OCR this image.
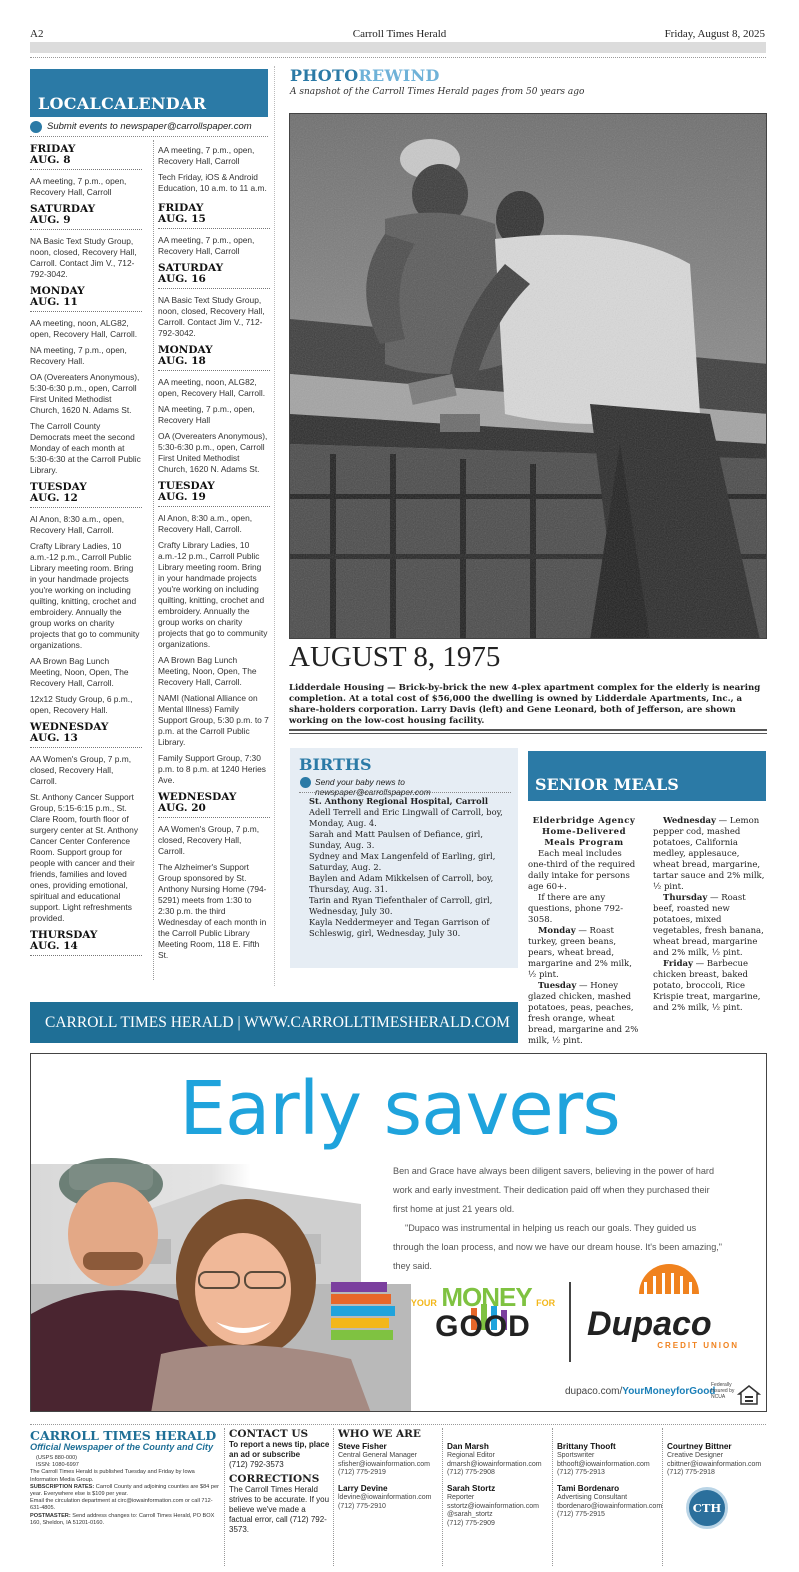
A2	Carroll Times Herald	Friday, August 8, 2025
LOCALCALENDAR
Submit events to newspaper@carrollspaper.com
FRIDAY
AUG. 8
AA meeting, 7 p.m., open, Recovery Hall, Carroll
SATURDAY
AUG. 9
NA Basic Text Study Group, noon, closed, Recovery Hall, Carroll. Contact Jim V., 712-792-3042.
MONDAY
AUG. 11
AA meeting, noon, ALG82, open, Recovery Hall, Carroll.
NA meeting, 7 p.m., open, Recovery Hall.
OA (Overeaters Anonymous), 5:30-6:30 p.m., open, Carroll First United Methodist Church, 1620 N. Adams St.
The Carroll County Democrats meet the second Monday of each month at 5:30-6:30 at the Carroll Public Library.
TUESDAY
AUG. 12
Al Anon, 8:30 a.m., open, Recovery Hall, Carroll.
Crafty Library Ladies, 10 a.m.-12 p.m., Carroll Public Library meeting room. Bring in your handmade projects you're working on including quilting, knitting, crochet and embroidery. Annually the group works on charity projects that go to community organizations.
AA Brown Bag Lunch Meeting, Noon, Open, The Recovery Hall, Carroll.
12x12 Study Group, 6 p.m., open, Recovery Hall.
WEDNESDAY
AUG. 13
AA Women's Group, 7 p.m, closed, Recovery Hall, Carroll.
St. Anthony Cancer Support Group, 5:15-6:15 p.m., St. Clare Room, fourth floor of surgery center at St. Anthony Cancer Center Conference Room. Support group for people with cancer and their friends, families and loved ones, providing emotional, spiritual and educational support. Light refreshments provided.
THURSDAY
AUG. 14
AA meeting, 7 p.m., open, Recovery Hall, Carroll
Tech Friday, iOS & Android Education, 10 a.m. to 11 a.m.
FRIDAY
AUG. 15
AA meeting, 7 p.m., open, Recovery Hall, Carroll
SATURDAY
AUG. 16
NA Basic Text Study Group, noon, closed, Recovery Hall, Carroll. Contact Jim V., 712-792-3042.
MONDAY
AUG. 18
AA meeting, noon, ALG82, open, Recovery Hall, Carroll.
NA meeting, 7 p.m., open, Recovery Hall
OA (Overeaters Anonymous), 5:30-6:30 p.m., open, Carroll First United Methodist Church, 1620 N. Adams St.
TUESDAY
AUG. 19
Al Anon, 8:30 a.m., open, Recovery Hall, Carroll.
Crafty Library Ladies, 10 a.m.-12 p.m., Carroll Public Library meeting room. Bring in your handmade projects you're working on including quilting, knitting, crochet and embroidery. Annually the group works on charity projects that go to community organizations.
AA Brown Bag Lunch Meeting, Noon, Open, The Recovery Hall, Carroll.
NAMI (National Alliance on Mental Illness) Family Support Group, 5:30 p.m. to 7 p.m. at the Carroll Public Library.
Family Support Group, 7:30 p.m. to 8 p.m. at 1240 Heries Ave.
WEDNESDAY
AUG. 20
AA Women's Group, 7 p.m, closed, Recovery Hall, Carroll.
The Alzheimer's Support Group sponsored by St. Anthony Nursing Home (794-5291) meets from 1:30 to 2:30 p.m. the third Wednesday of each month in the Carroll Public Library Meeting Room, 118 E. Fifth St.
PHOTOREWIND
A snapshot of the Carroll Times Herald pages from 50 years ago
AUGUST 8, 1975
Lidderdale Housing — Brick-by-brick the new 4-plex apartment complex for the elderly is nearing completion. At a total cost of $56,000 the dwelling is owned by Lidderdale Apartments, Inc., a share-holders corporation. Larry Davis (left) and Gene Leonard, both of Jefferson, are shown working on the low-cost housing facility.
BIRTHS
Send your baby news to newspaper@carrollspaper.com
St. Anthony Regional Hospital, Carroll
Adell Terrell and Eric Lingwall of Carroll, boy, Monday, Aug. 4.
Sarah and Matt Paulsen of Defiance, girl, Sunday, Aug. 3.
Sydney and Max Langenfeld of Earling, girl, Saturday, Aug. 2.
Baylen and Adam Mikkelsen of Carroll, boy, Thursday, Aug. 31.
Tarin and Ryan Tiefenthaler of Carroll, girl, Wednesday, July 30.
Kayla Neddermeyer and Tegan Garrison of Schleswig, girl, Wednesday, July 30.
SENIOR MEALS
Elderbridge Agency Home-Delivered Meals Program

Each meal includes one-third of the required daily intake for persons age 60+.

If there are any questions, phone 792-3058.

Monday — Roast turkey, green beans, pears, wheat bread, margarine and 2% milk, ½ pint.

Tuesday — Honey glazed chicken, mashed potatoes, peas, peaches, fresh orange, wheat bread, margarine and 2% milk, ½ pint.

Wednesday — Lemon pepper cod, mashed potatoes, California medley, applesauce, wheat bread, margarine, tartar sauce and 2% milk, ½ pint.

Thursday — Roast beef, roasted new potatoes, mixed vegetables, fresh banana, wheat bread, margarine and 2% milk, ½ pint.

Friday — Barbecue chicken breast, baked potato, broccoli, Rice Krispie treat, margarine, and 2% milk, ½ pint.

CARROLL TIMES HERALD | WWW.CARROLLTIMESHERALD.COM
Early savers

Ben and Grace have always been diligent savers, believing in the power of hard work and early investment. Their dedication paid off when they purchased their first home at just 21 years old.

"Dupaco was instrumental in helping us reach our goals. They guided us through the loan process, and now we have our dream house. It's been amazing," they said.

YOUR MONEY FOR
GOOD	Dupaco
CREDIT UNION
dupaco.com/YourMoneyforGood
Federally Insured by NCUA
CARROLL TIMES HERALD
Official Newspaper of the County and City
(USPS 880-000)
ISSN: 1080-6997
The Carroll Times Herald is published Tuesday and Friday by Iowa Information Media Group.
SUBSCRIPTION RATES: Carroll County and adjoining counties are $84 per year. Everywhere else is $109 per year.
Email the circulation department at circ@iowainformation.com or call 712-631-4805.
POSTMASTER: Send address changes to: Carroll Times Herald, PO BOX 160, Sheldon, IA 51201-0160.
CONTACT US
To report a news tip, place an ad or subscribe
(712) 792-3573
CORRECTIONS
The Carroll Times Herald strives to be accurate. If you believe we've made a factual error, call (712) 792-3573.
WHO WE ARE
Steve Fisher
Central General Manager
sfisher@iowainformation.com
(712) 775-2919
Larry Devine
ldevine@iowainformation.com
(712) 775-2910
Dan Marsh
Regional Editor
dmarsh@iowainformation.com
(712) 775-2908
Sarah Stortz
Reporter
sstortz@iowainformation.com
@sarah_stortz
(712) 775-2909
Brittany Thooft
Sportswriter
bthooft@iowainformation.com
(712) 775-2913
Tami Bordenaro
Advertising Consultant
tbordenaro@iowainformation.com
(712) 775-2915
Courtney Bittner
Creative Designer
cbittner@iowainformation.com
(712) 775-2918
CTH
